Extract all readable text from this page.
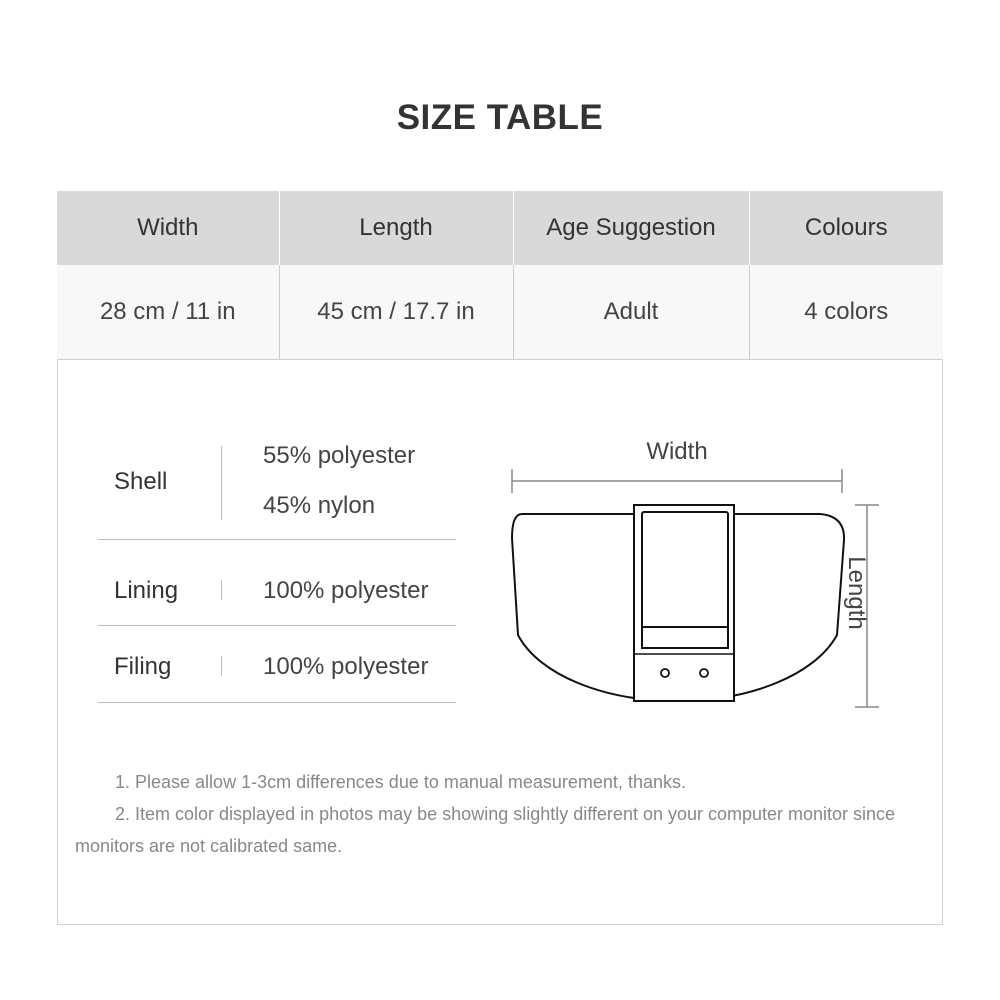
SIZE TABLE
Width	Length	Age Suggestion	Colours
28 cm / 11 in	45 cm / 17.7 in	Adult	4 colors
Shell
55% polyester
45% nylon
Lining	100% polyester
Filing	100% polyester
Width
Length

1. Please allow 1-3cm differences due to manual measurement, thanks.

2. Item color displayed in photos may be showing slightly different on your computer monitor since monitors are not calibrated same.
